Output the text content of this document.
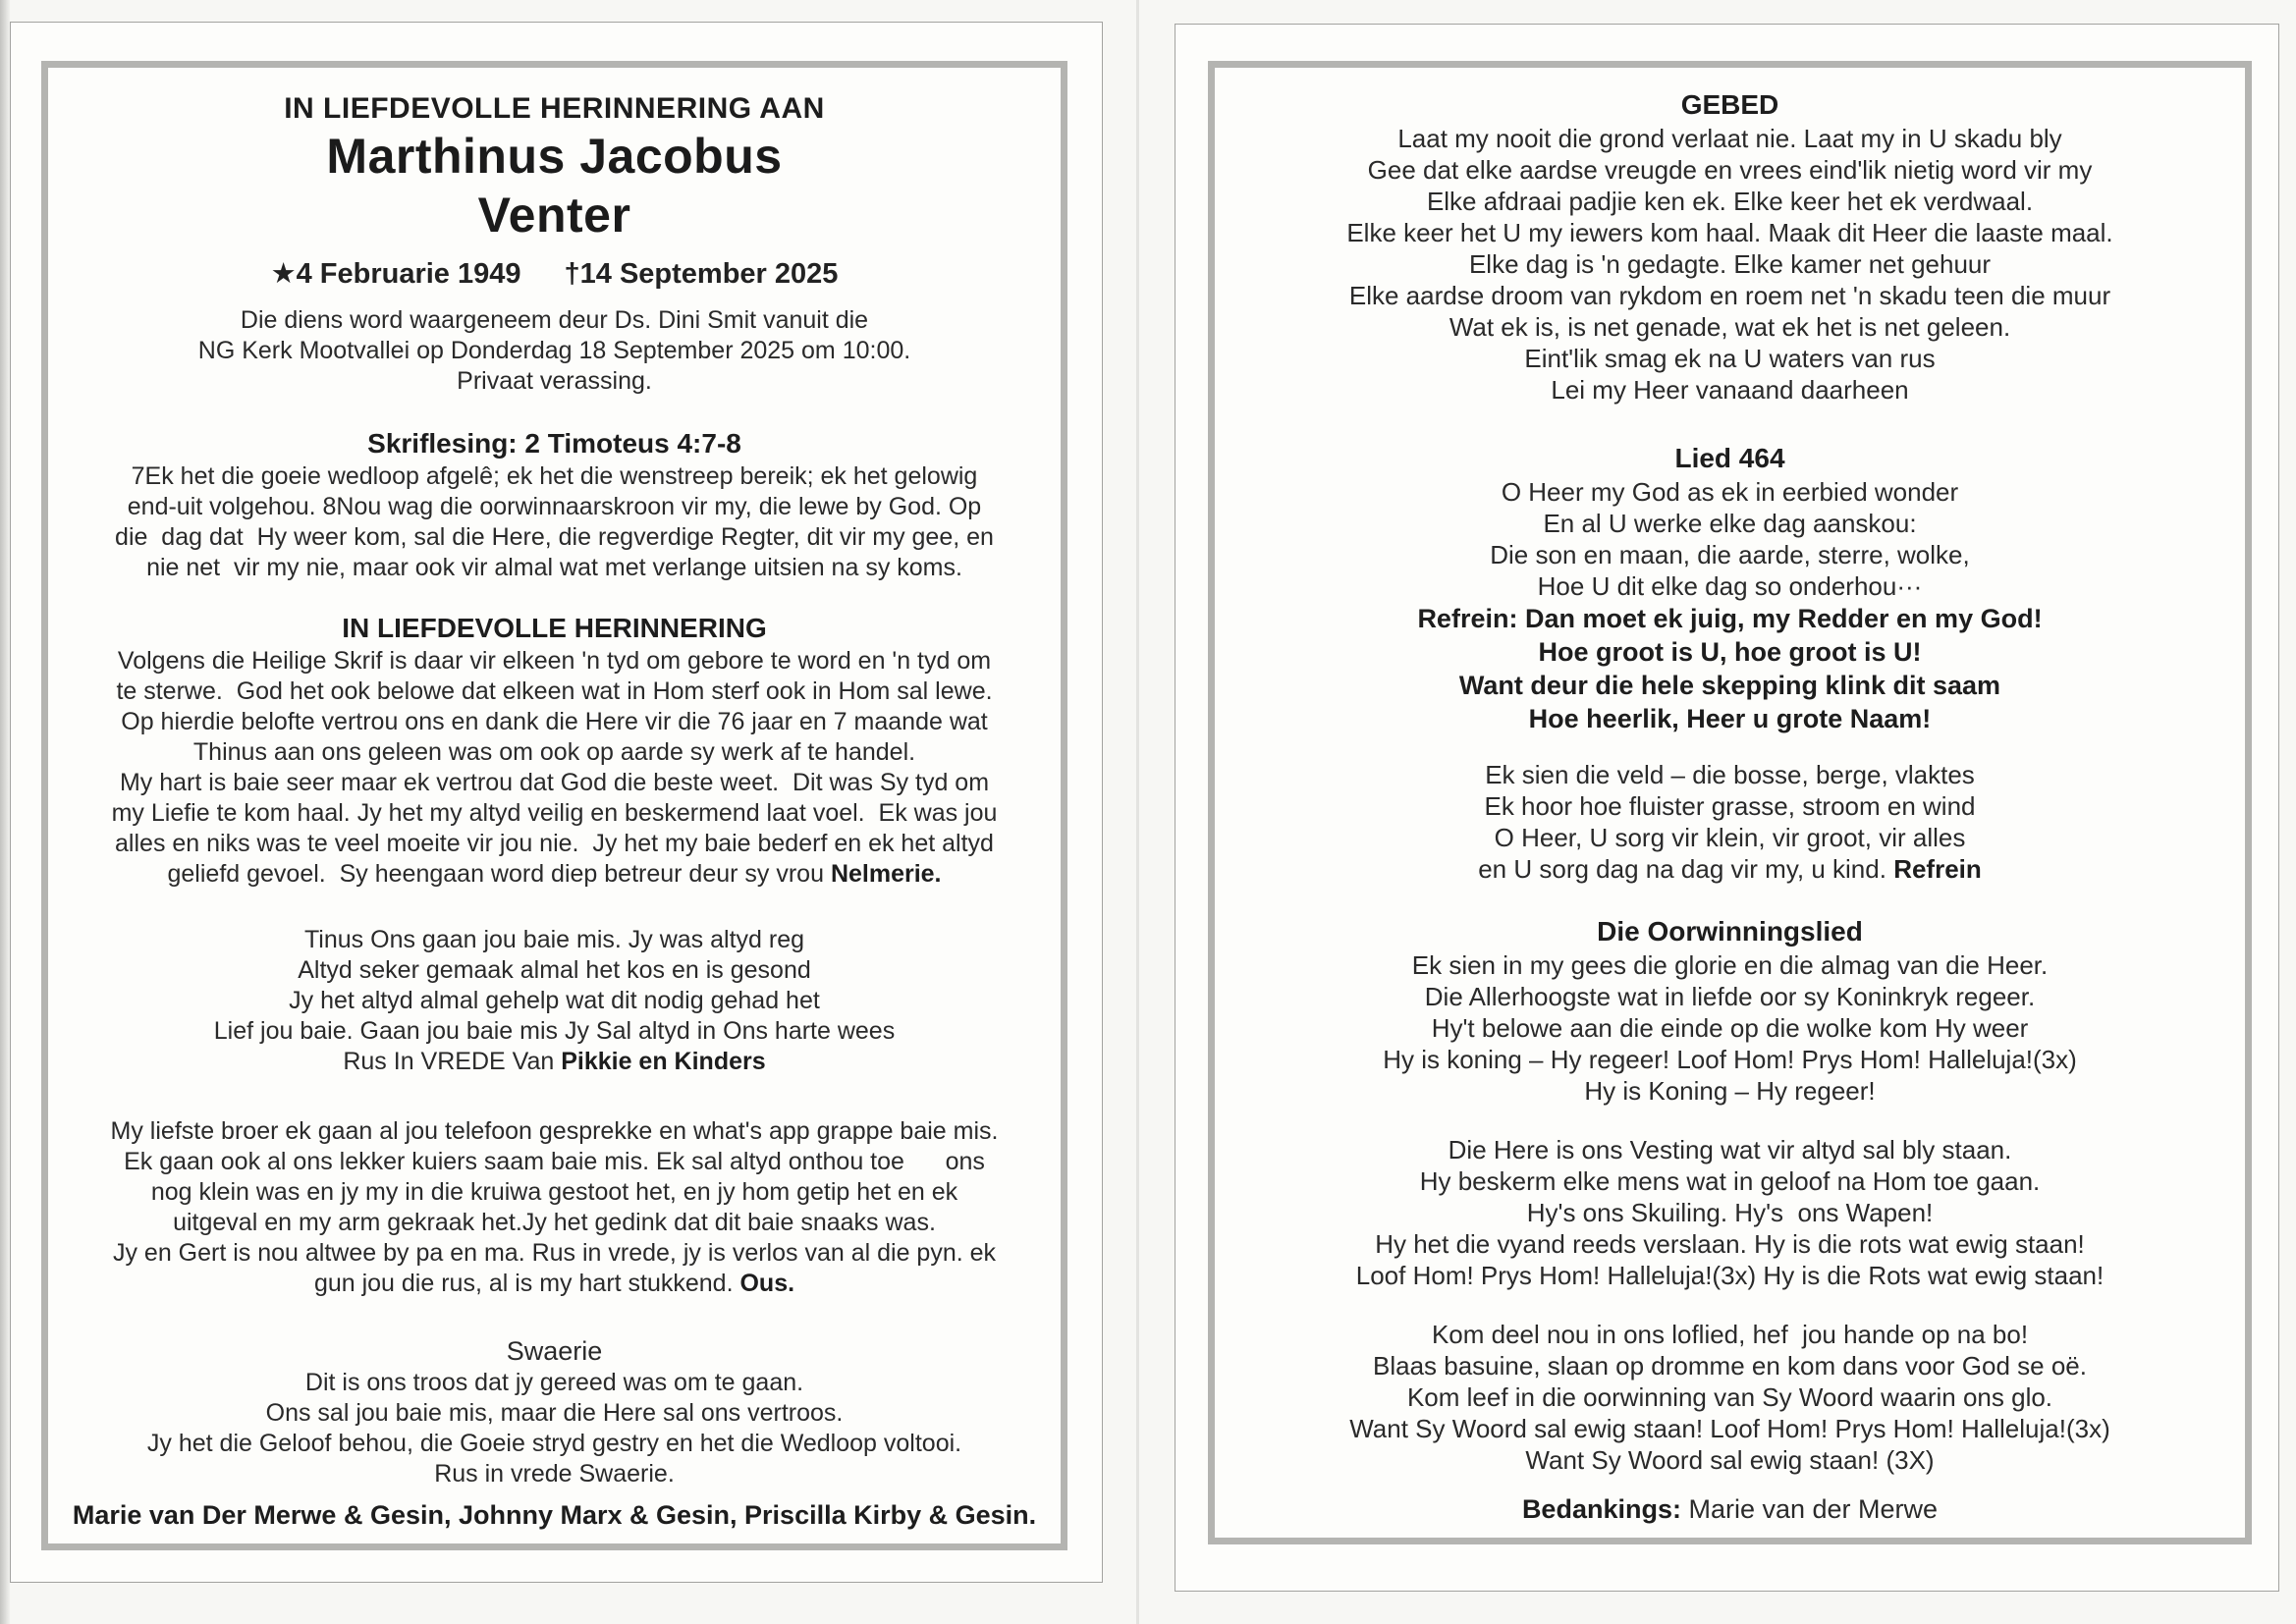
IN LIEFDEVOLLE HERINNERING AAN
Marthinus Jacobus
Venter
★4 Februarie 1949 †14 September 2025
Die diens word waargeneem deur Ds. Dini Smit vanuit die
NG Kerk Mootvallei op Donderdag 18 September 2025 om 10:00.
Privaat verassing.
Skriflesing: 2 Timoteus 4:7-8
7Ek het die goeie wedloop afgelê; ek het die wenstreep bereik; ek het gelowig
end-uit volgehou. 8Nou wag die oorwinnaarskroon vir my, die lewe by God. Op
die  dag dat  Hy weer kom, sal die Here, die regverdige Regter, dit vir my gee, en
nie net  vir my nie, maar ook vir almal wat met verlange uitsien na sy koms.
IN LIEFDEVOLLE HERINNERING
Volgens die Heilige Skrif is daar vir elkeen 'n tyd om gebore te word en 'n tyd om
te sterwe.  God het ook belowe dat elkeen wat in Hom sterf ook in Hom sal lewe.
Op hierdie belofte vertrou ons en dank die Here vir die 76 jaar en 7 maande wat
Thinus aan ons geleen was om ook op aarde sy werk af te handel.
My hart is baie seer maar ek vertrou dat God die beste weet.  Dit was Sy tyd om
my Liefie te kom haal. Jy het my altyd veilig en beskermend laat voel.  Ek was jou
alles en niks was te veel moeite vir jou nie.  Jy het my baie bederf en ek het altyd
geliefd gevoel.  Sy heengaan word diep betreur deur sy vrou Nelmerie.
Tinus Ons gaan jou baie mis. Jy was altyd reg
Altyd seker gemaak almal het kos en is gesond
Jy het altyd almal gehelp wat dit nodig gehad het
Lief jou baie. Gaan jou baie mis Jy Sal altyd in Ons harte wees
Rus In VREDE Van Pikkie en Kinders
My liefste broer ek gaan al jou telefoon gesprekke en what's app grappe baie mis.
Ek gaan ook al ons lekker kuiers saam baie mis. Ek sal altyd onthou toe      ons
nog klein was en jy my in die kruiwa gestoot het, en jy hom getip het en ek
uitgeval en my arm gekraak het.Jy het gedink dat dit baie snaaks was.
Jy en Gert is nou altwee by pa en ma. Rus in vrede, jy is verlos van al die pyn. ek
gun jou die rus, al is my hart stukkend. Ous.
Swaerie
Dit is ons troos dat jy gereed was om te gaan.
Ons sal jou baie mis, maar die Here sal ons vertroos.
Jy het die Geloof behou, die Goeie stryd gestry en het die Wedloop voltooi.
Rus in vrede Swaerie.
Marie van Der Merwe & Gesin, Johnny Marx & Gesin, Priscilla Kirby & Gesin.
GEBED
Laat my nooit die grond verlaat nie. Laat my in U skadu bly
Gee dat elke aardse vreugde en vrees eind'lik nietig word vir my
Elke afdraai padjie ken ek. Elke keer het ek verdwaal.
Elke keer het U my iewers kom haal. Maak dit Heer die laaste maal.
Elke dag is 'n gedagte. Elke kamer net gehuur
Elke aardse droom van rykdom en roem net 'n skadu teen die muur
Wat ek is, is net genade, wat ek het is net geleen.
Eint'lik smag ek na U waters van rus
Lei my Heer vanaand daarheen
Lied 464
O Heer my God as ek in eerbied wonder
En al U werke elke dag aanskou:
Die son en maan, die aarde, sterre, wolke,
Hoe U dit elke dag so onderhou···
Refrein: Dan moet ek juig, my Redder en my God!
Hoe groot is U, hoe groot is U!
Want deur die hele skepping klink dit saam
Hoe heerlik, Heer u grote Naam!
Ek sien die veld – die bosse, berge, vlaktes
Ek hoor hoe fluister grasse, stroom en wind
O Heer, U sorg vir klein, vir groot, vir alles
en U sorg dag na dag vir my, u kind. Refrein
Die Oorwinningslied
Ek sien in my gees die glorie en die almag van die Heer.
Die Allerhoogste wat in liefde oor sy Koninkryk regeer.
Hy't belowe aan die einde op die wolke kom Hy weer
Hy is koning – Hy regeer! Loof Hom! Prys Hom! Halleluja!(3x)
Hy is Koning – Hy regeer!
Die Here is ons Vesting wat vir altyd sal bly staan.
Hy beskerm elke mens wat in geloof na Hom toe gaan.
Hy's ons Skuiling. Hy's  ons Wapen!
Hy het die vyand reeds verslaan. Hy is die rots wat ewig staan!
Loof Hom! Prys Hom! Halleluja!(3x) Hy is die Rots wat ewig staan!
Kom deel nou in ons loflied, hef  jou hande op na bo!
Blaas basuine, slaan op dromme en kom dans voor God se oë.
Kom leef in die oorwinning van Sy Woord waarin ons glo.
Want Sy Woord sal ewig staan! Loof Hom! Prys Hom! Halleluja!(3x)
Want Sy Woord sal ewig staan! (3X)
Bedankings: Marie van der Merwe
